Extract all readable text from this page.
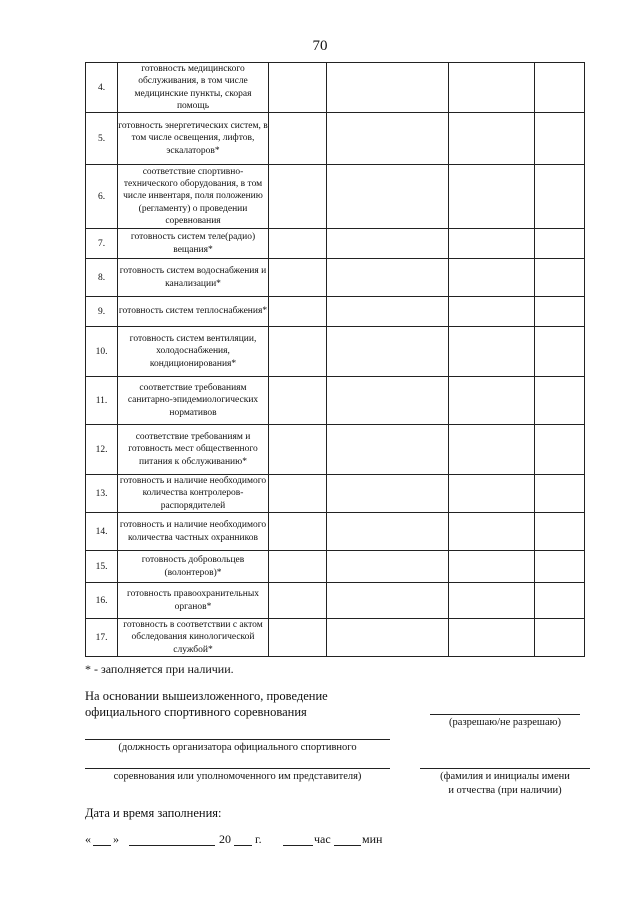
70
4.	готовность медицинского обслуживания, в том числе медицинские пункты, скорая помощь				
5.	готовность энергетических систем, в том числе освещения, лифтов, эскалаторов*				
6.	соответствие спортивно-технического оборудования, в том числе инвентаря, поля положению (регламенту) о проведении соревнования				
7.	готовность систем теле(радио) вещания*				
8.	готовность систем водоснабжения и канализации*				
9.	готовность систем теплоснабжения*				
10.	готовность систем вентиляции, холодоснабжения, кондиционирования*				
11.	соответствие требованиям санитарно-эпидемиологических нормативов				
12.	соответствие требованиям и готовность мест общественного питания к обслуживанию*				
13.	готовность и наличие необходимого количества контролеров-распорядителей				
14.	готовность и наличие необходимого количества частных охранников				
15.	готовность добровольцев (волонтеров)*				
16.	готовность правоохранительных органов*				
17.	готовность в соответствии с актом обследования кинологической службой*				
* - заполняется при наличии.
На основании вышеизложенного, проведение
официального спортивного соревнования
(разрешаю/не разрешаю)
(должность организатора официального спортивного
соревнования или уполномоченного им представителя)	(фамилия и инициалы имени
и отчества (при наличии)
Дата и время заполнения:
« »	20 г.	час	мин
